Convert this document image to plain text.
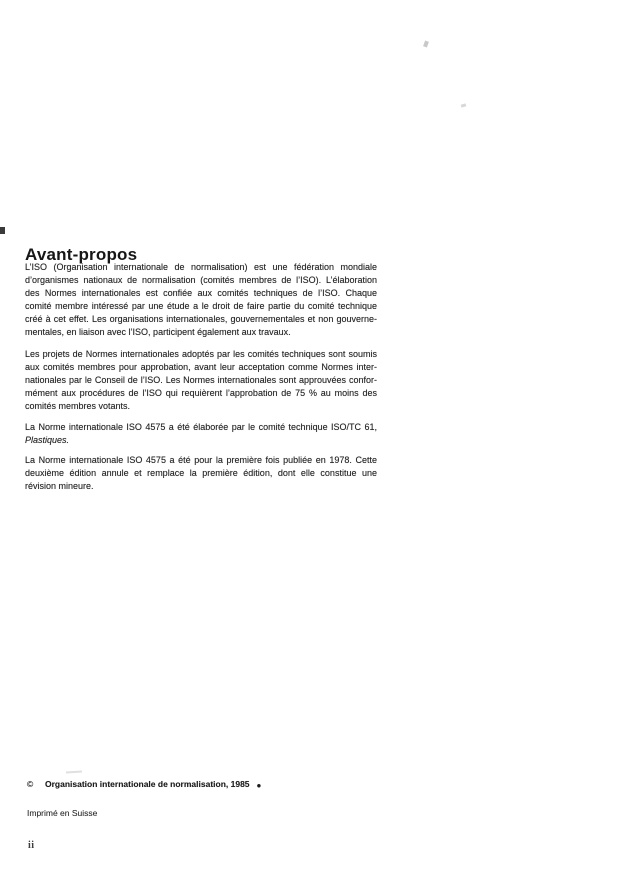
Avant-propos
L’ISO (Organisation internationale de normalisation) est une fédération mondiale
d’organismes nationaux de normalisation (comités membres de l’ISO). L’élaboration
des Normes internationales est confiée aux comités techniques de l’ISO. Chaque
comité membre intéressé par une étude a le droit de faire partie du comité technique
créé à cet effet. Les organisations internationales, gouvernementales et non gouverne-
mentales, en liaison avec l’ISO, participent également aux travaux.
Les projets de Normes internationales adoptés par les comités techniques sont soumis
aux comités membres pour approbation, avant leur acceptation comme Normes inter-
nationales par le Conseil de l’ISO. Les Normes internationales sont approuvées confor-
mément aux procédures de l’ISO qui requièrent l’approbation de 75 % au moins des
comités membres votants.
La Norme internationale ISO 4575 a été élaborée par le comité technique ISO/TC 61,
Plastiques.
La Norme internationale ISO 4575 a été pour la première fois publiée en 1978. Cette
deuxième édition annule et remplace la première édition, dont elle constitue une
révision mineure.
© Organisation internationale de normalisation, 1985 ●
Imprimé en Suisse
ii
